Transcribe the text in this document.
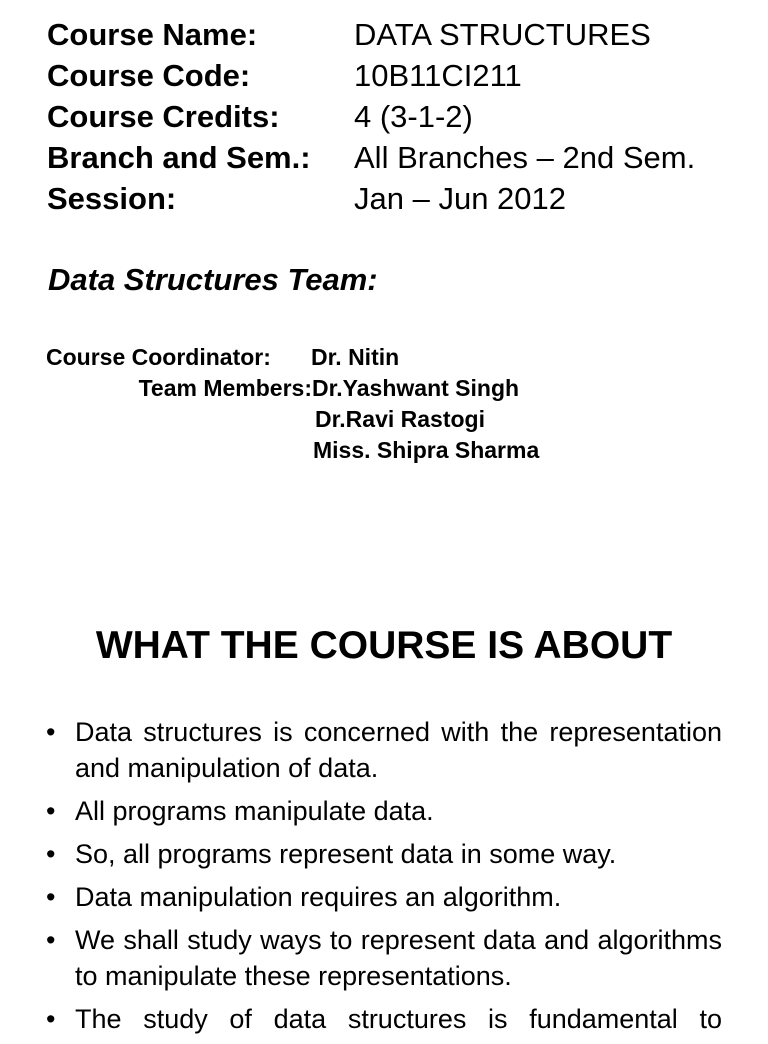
Course Name:	DATA STRUCTURES
Course Code:	10B11CI211
Course Credits:	4 (3-1-2)
Branch and Sem.:	All Branches – 2nd Sem.
Session:	Jan – Jun 2012
Data Structures Team:
Course Coordinator:	Dr. Nitin
Team Members: Dr.Yashwant Singh
Dr.Ravi Rastogi
Miss. Shipra Sharma
WHAT THE COURSE IS ABOUT
• Data structures is concerned with the representation and manipulation of data.
• All programs manipulate data.
• So, all programs represent data in some way.
• Data manipulation requires an algorithm.
• We shall study ways to represent data and algorithms to manipulate these representations.
• The study of data structures is fundamental to
